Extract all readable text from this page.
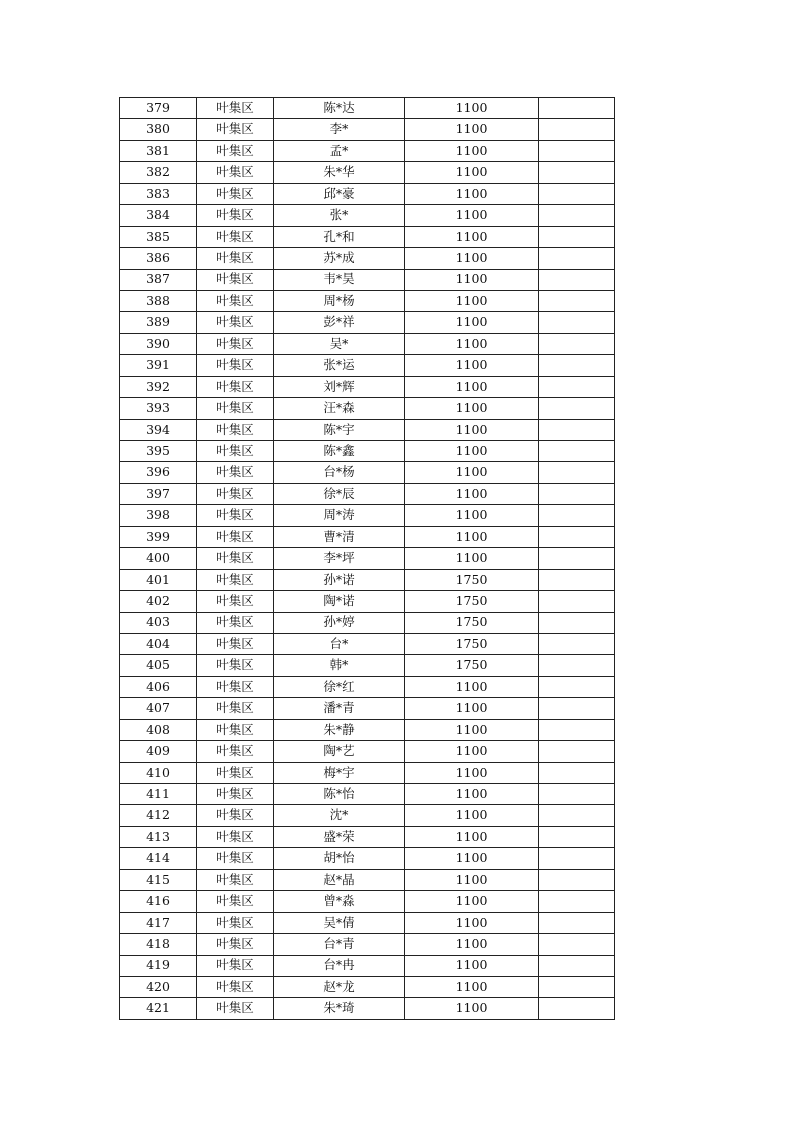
379	叶集区	陈*达	1100	
380	叶集区	李*	1100	
381	叶集区	孟*	1100	
382	叶集区	朱*华	1100	
383	叶集区	邱*豪	1100	
384	叶集区	张*	1100	
385	叶集区	孔*和	1100	
386	叶集区	苏*成	1100	
387	叶集区	韦*昊	1100	
388	叶集区	周*杨	1100	
389	叶集区	彭*祥	1100	
390	叶集区	吴*	1100	
391	叶集区	张*运	1100	
392	叶集区	刘*辉	1100	
393	叶集区	汪*森	1100	
394	叶集区	陈*宇	1100	
395	叶集区	陈*鑫	1100	
396	叶集区	台*杨	1100	
397	叶集区	徐*辰	1100	
398	叶集区	周*涛	1100	
399	叶集区	曹*清	1100	
400	叶集区	李*坪	1100	
401	叶集区	孙*诺	1750	
402	叶集区	陶*诺	1750	
403	叶集区	孙*婷	1750	
404	叶集区	台*	1750	
405	叶集区	韩*	1750	
406	叶集区	徐*红	1100	
407	叶集区	潘*青	1100	
408	叶集区	朱*静	1100	
409	叶集区	陶*艺	1100	
410	叶集区	梅*宇	1100	
411	叶集区	陈*怡	1100	
412	叶集区	沈*	1100	
413	叶集区	盛*荣	1100	
414	叶集区	胡*怡	1100	
415	叶集区	赵*晶	1100	
416	叶集区	曾*淼	1100	
417	叶集区	吴*倩	1100	
418	叶集区	台*青	1100	
419	叶集区	台*冉	1100	
420	叶集区	赵*龙	1100	
421	叶集区	朱*琦	1100	
